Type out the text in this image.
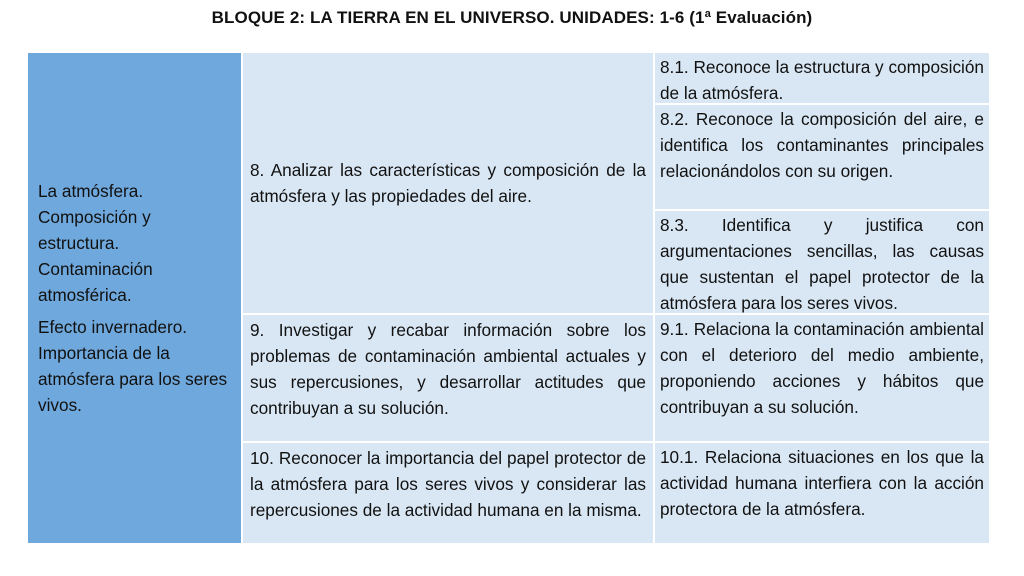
BLOQUE 2: LA TIERRA EN EL UNIVERSO. UNIDADES: 1-6 (1ª Evaluación)

La atmósfera. Composición y estructura. Contaminación atmosférica.

Efecto invernadero. Importancia de la atmósfera para los seres vivos.

8. Analizar las características y composición de la atmósfera y las propiedades del aire.
8.1. Reconoce la estructura y composición de la atmósfera.
8.2. Reconoce la composición del aire, e identifica los contaminantes principales relacionándolos con su origen.
8.3. Identifica y justifica con argumentaciones sencillas, las causas que sustentan el papel protector de la atmósfera para los seres vivos.
9. Investigar y recabar información sobre los problemas de contaminación ambiental actuales y sus repercusiones, y desarrollar actitudes que contribuyan a su solución.
9.1. Relaciona la contaminación ambiental con el deterioro del medio ambiente, proponiendo acciones y hábitos que contribuyan a su solución.
10. Reconocer la importancia del papel protector de la atmósfera para los seres vivos y considerar las repercusiones de la actividad humana en la misma.
10.1. Relaciona situaciones en los que la actividad humana interfiera con la acción protectora de la atmósfera.
